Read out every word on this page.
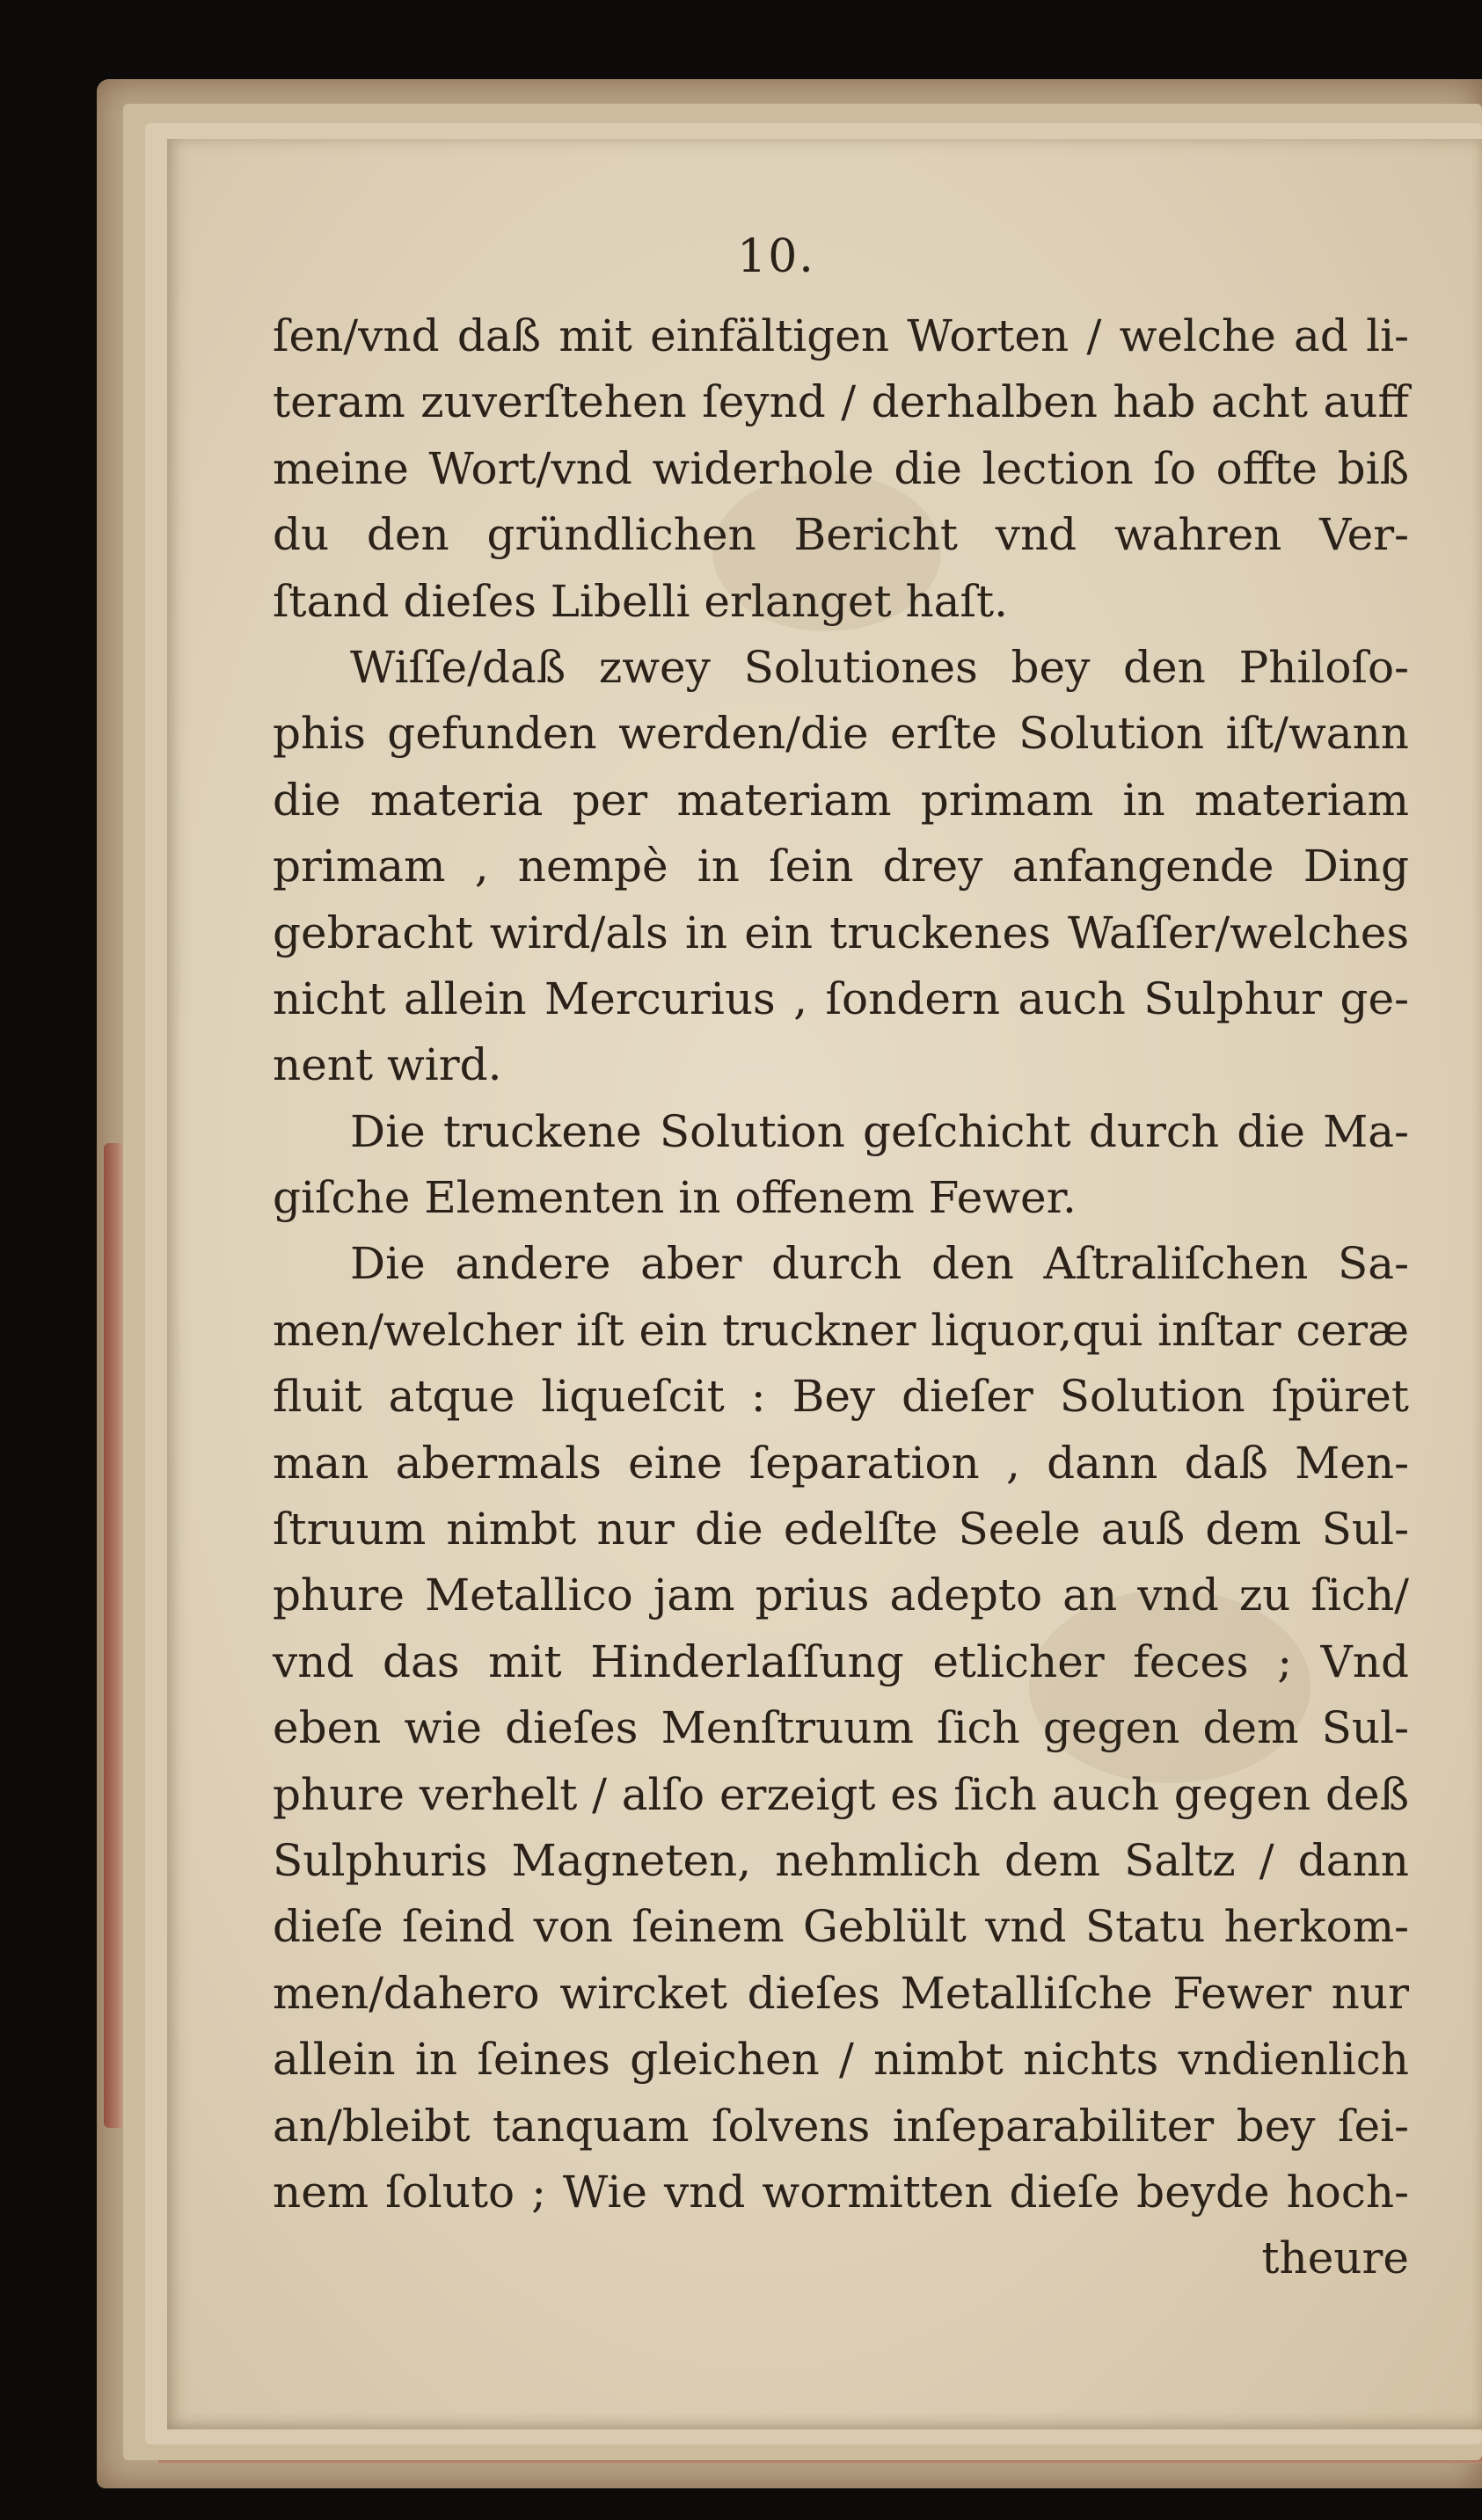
10.
ſen/vnd daß mit einfältigen Worten / welche ad li-
teram zuverſtehen ſeynd / derhalben hab acht auff
meine Wort/vnd widerhole die lection ſo offte biß
du den gründlichen Bericht vnd wahren Ver-
ſtand dieſes Libelli erlanget haſt.
Wiſſe/daß zwey Solutiones bey den Philoſo-
phis gefunden werden/die erſte Solution iſt/wann
die materia per materiam primam in materiam
primam , nempè in ſein drey anfangende Ding
gebracht wird/als in ein truckenes Waſſer/welches
nicht allein Mercurius , ſondern auch Sulphur ge-
nent wird.
Die truckene Solution geſchicht durch die Ma-
giſche Elementen in offenem Fewer.
Die andere aber durch den Aſtraliſchen Sa-
men/welcher iſt ein truckner liquor,qui inſtar ceræ
fluit atque liqueſcit : Bey dieſer Solution ſpüret
man abermals eine ſeparation , dann daß Men-
ſtruum nimbt nur die edelſte Seele auß dem Sul-
phure Metallico jam prius adepto an vnd zu ſich/
vnd das mit Hinderlaſſung etlicher feces ; Vnd
eben wie dieſes Menſtruum ſich gegen dem Sul-
phure verhelt / alſo erzeigt es ſich auch gegen deß
Sulphuris Magneten, nehmlich dem Saltz / dann
dieſe ſeind von ſeinem Geblült vnd Statu herkom-
men/dahero wircket dieſes Metalliſche Fewer nur
allein in ſeines gleichen / nimbt nichts vndienlich
an/bleibt tanquam ſolvens inſeparabiliter bey ſei-
nem ſoluto ; Wie vnd wormitten dieſe beyde hoch-
theure
